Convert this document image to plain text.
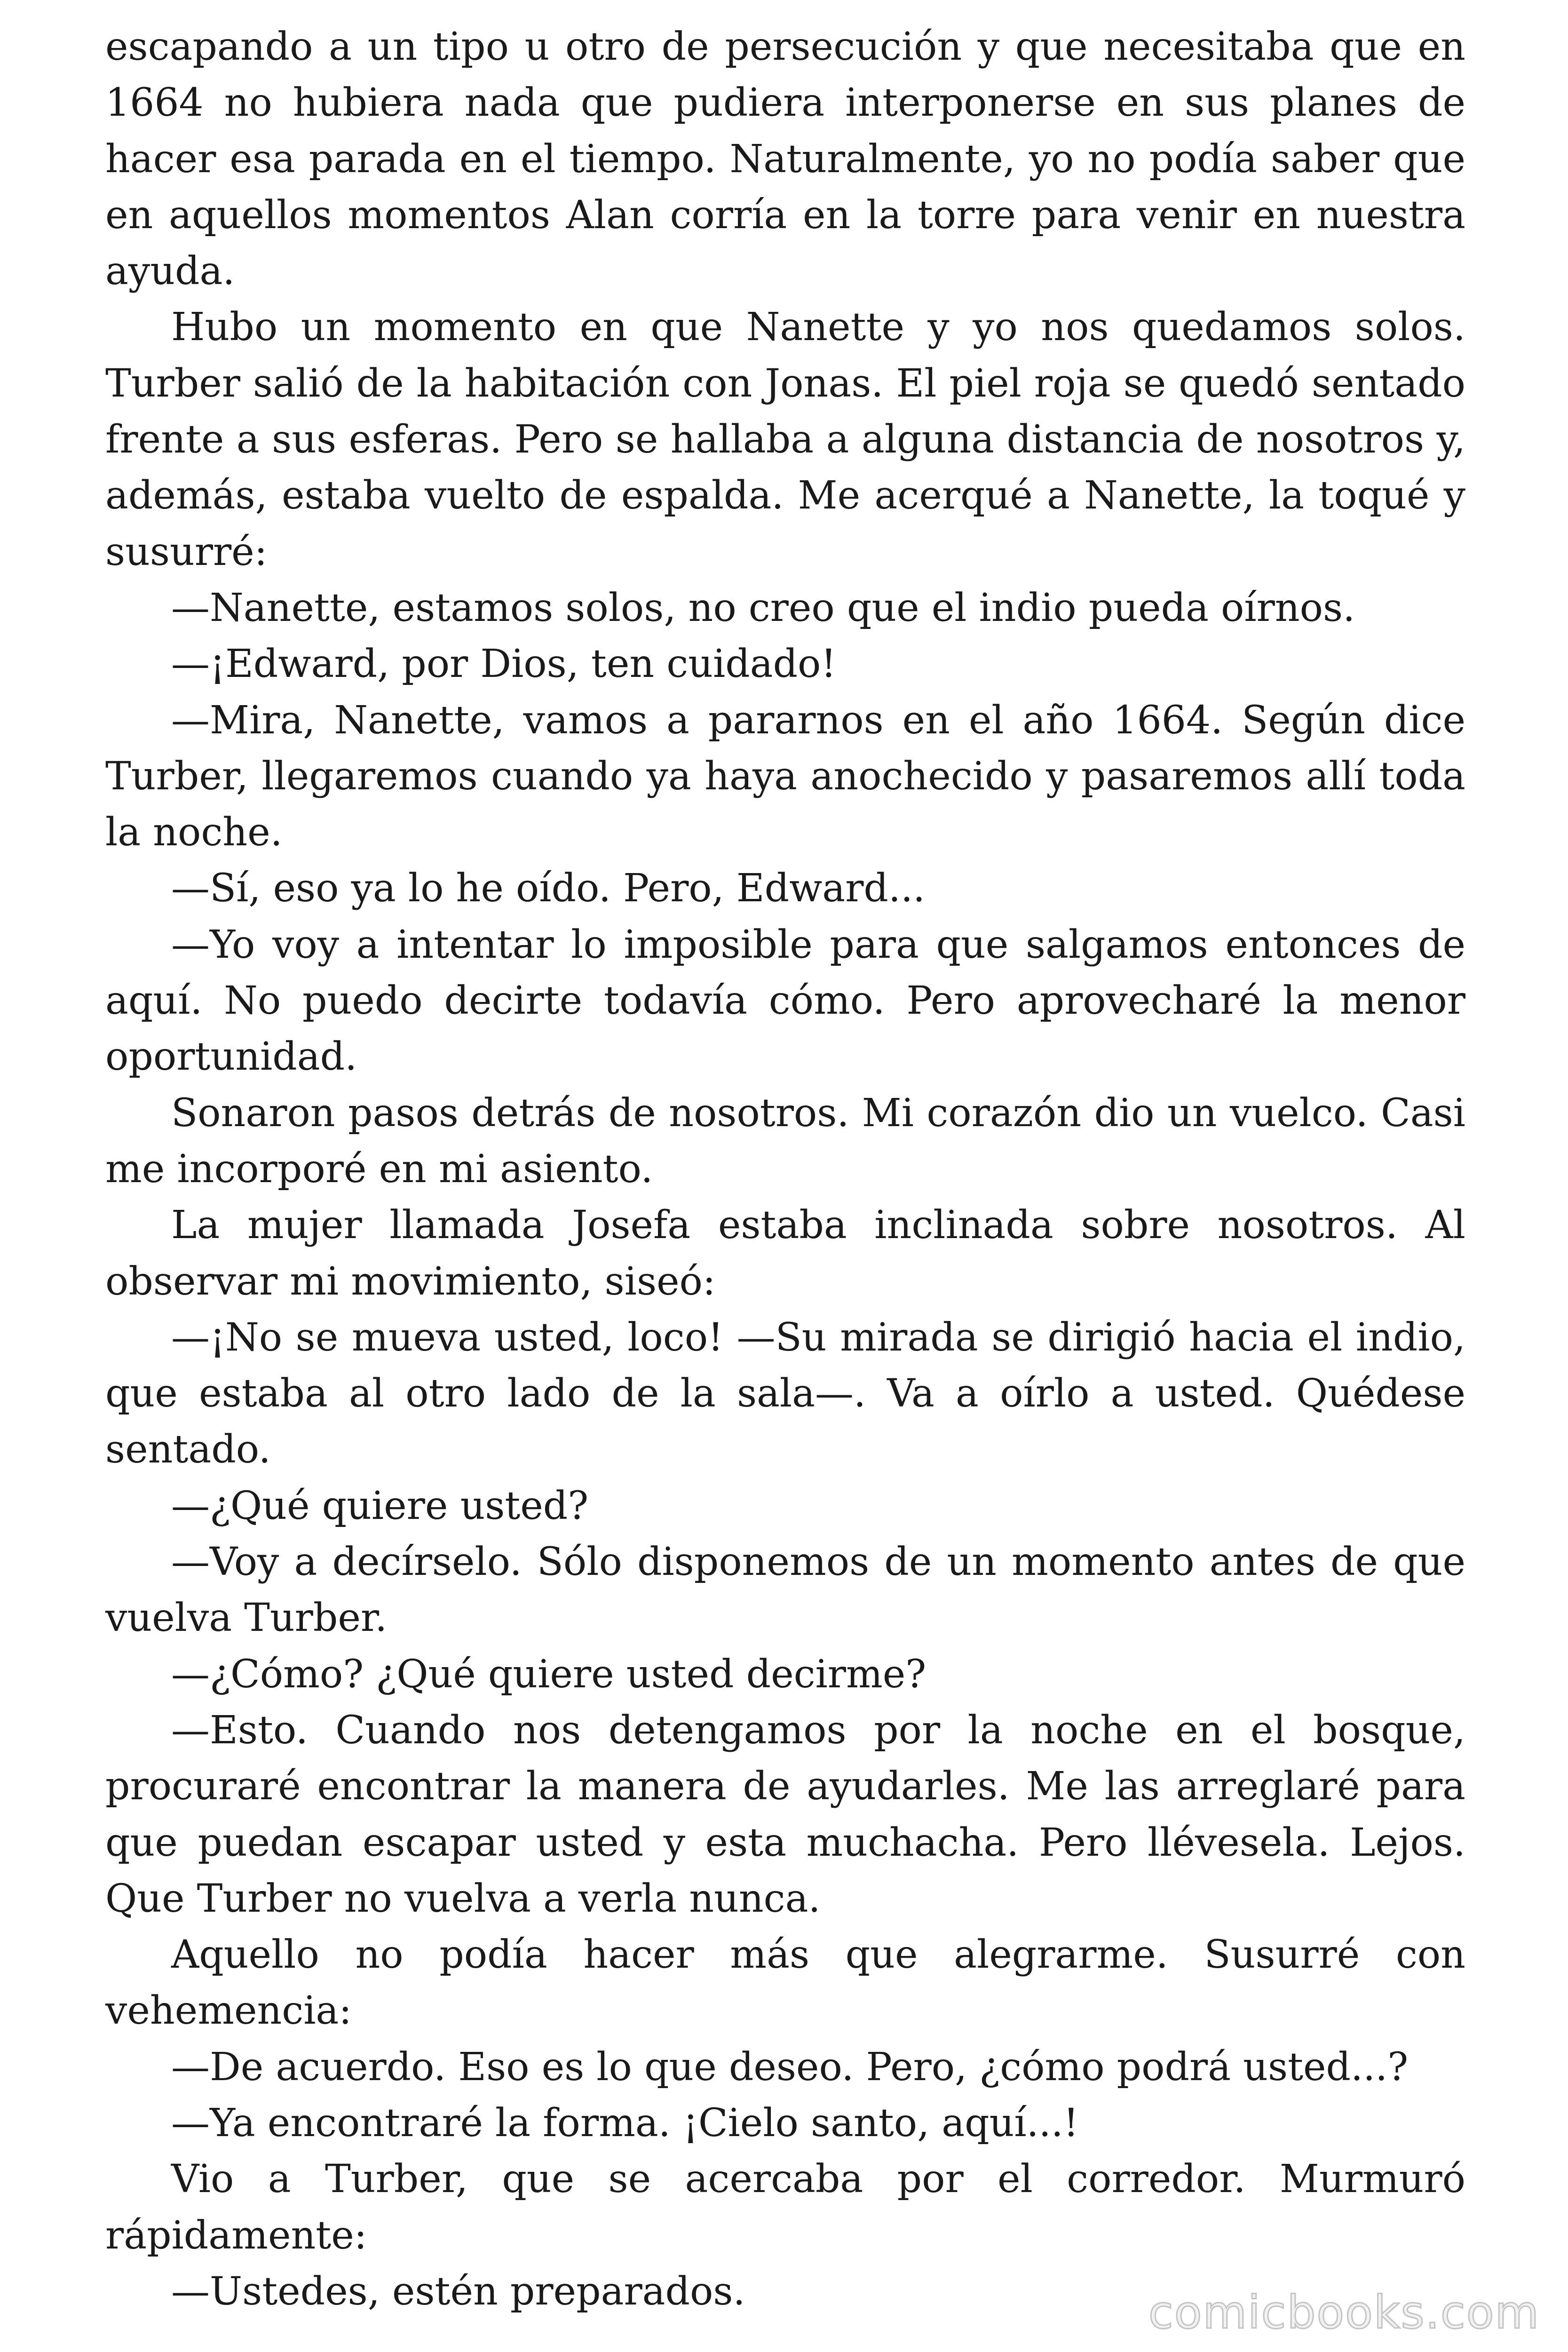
escapando a un tipo u otro de persecución y que necesitaba que en 1664 no hubiera nada que pudiera interponerse en sus planes de hacer esa parada en el tiempo. Naturalmente, yo no podía saber que en aquellos momentos Alan corría en la torre para venir en nuestra ayuda.

Hubo un momento en que Nanette y yo nos quedamos solos. Turber salió de la habitación con Jonas. El piel roja se quedó sentado frente a sus esferas. Pero se hallaba a alguna distancia de nosotros y, además, estaba vuelto de espalda. Me acerqué a Nanette, la toqué y susurré:

—Nanette, estamos solos, no creo que el indio pueda oírnos.

—¡Edward, por Dios, ten cuidado!

—Mira, Nanette, vamos a pararnos en el año 1664. Según dice Turber, llegaremos cuando ya haya anochecido y pasaremos allí toda la noche.

—Sí, eso ya lo he oído. Pero, Edward...

—Yo voy a intentar lo imposible para que salgamos entonces de aquí. No puedo decirte todavía cómo. Pero aprovecharé la menor oportunidad.

Sonaron pasos detrás de nosotros. Mi corazón dio un vuelco. Casi me incorporé en mi asiento.

La mujer llamada Josefa estaba inclinada sobre nosotros. Al observar mi movimiento, siseó:

—¡No se mueva usted, loco! —Su mirada se dirigió hacia el indio, que estaba al otro lado de la sala—. Va a oírlo a usted. Quédese sentado.

—¿Qué quiere usted?

—Voy a decírselo. Sólo disponemos de un momento antes de que vuelva Turber.

—¿Cómo? ¿Qué quiere usted decirme?

—Esto. Cuando nos detengamos por la noche en el bosque, procuraré encontrar la manera de ayudarles. Me las arreglaré para que puedan escapar usted y esta muchacha. Pero llévesela. Lejos. Que Turber no vuelva a verla nunca.

Aquello no podía hacer más que alegrarme. Susurré con vehemencia:

—De acuerdo. Eso es lo que deseo. Pero, ¿cómo podrá usted...?

—Ya encontraré la forma. ¡Cielo santo, aquí...!

Vio a Turber, que se acercaba por el corredor. Murmuró rápidamente:

—Ustedes, estén preparados.	comicbooks.com
